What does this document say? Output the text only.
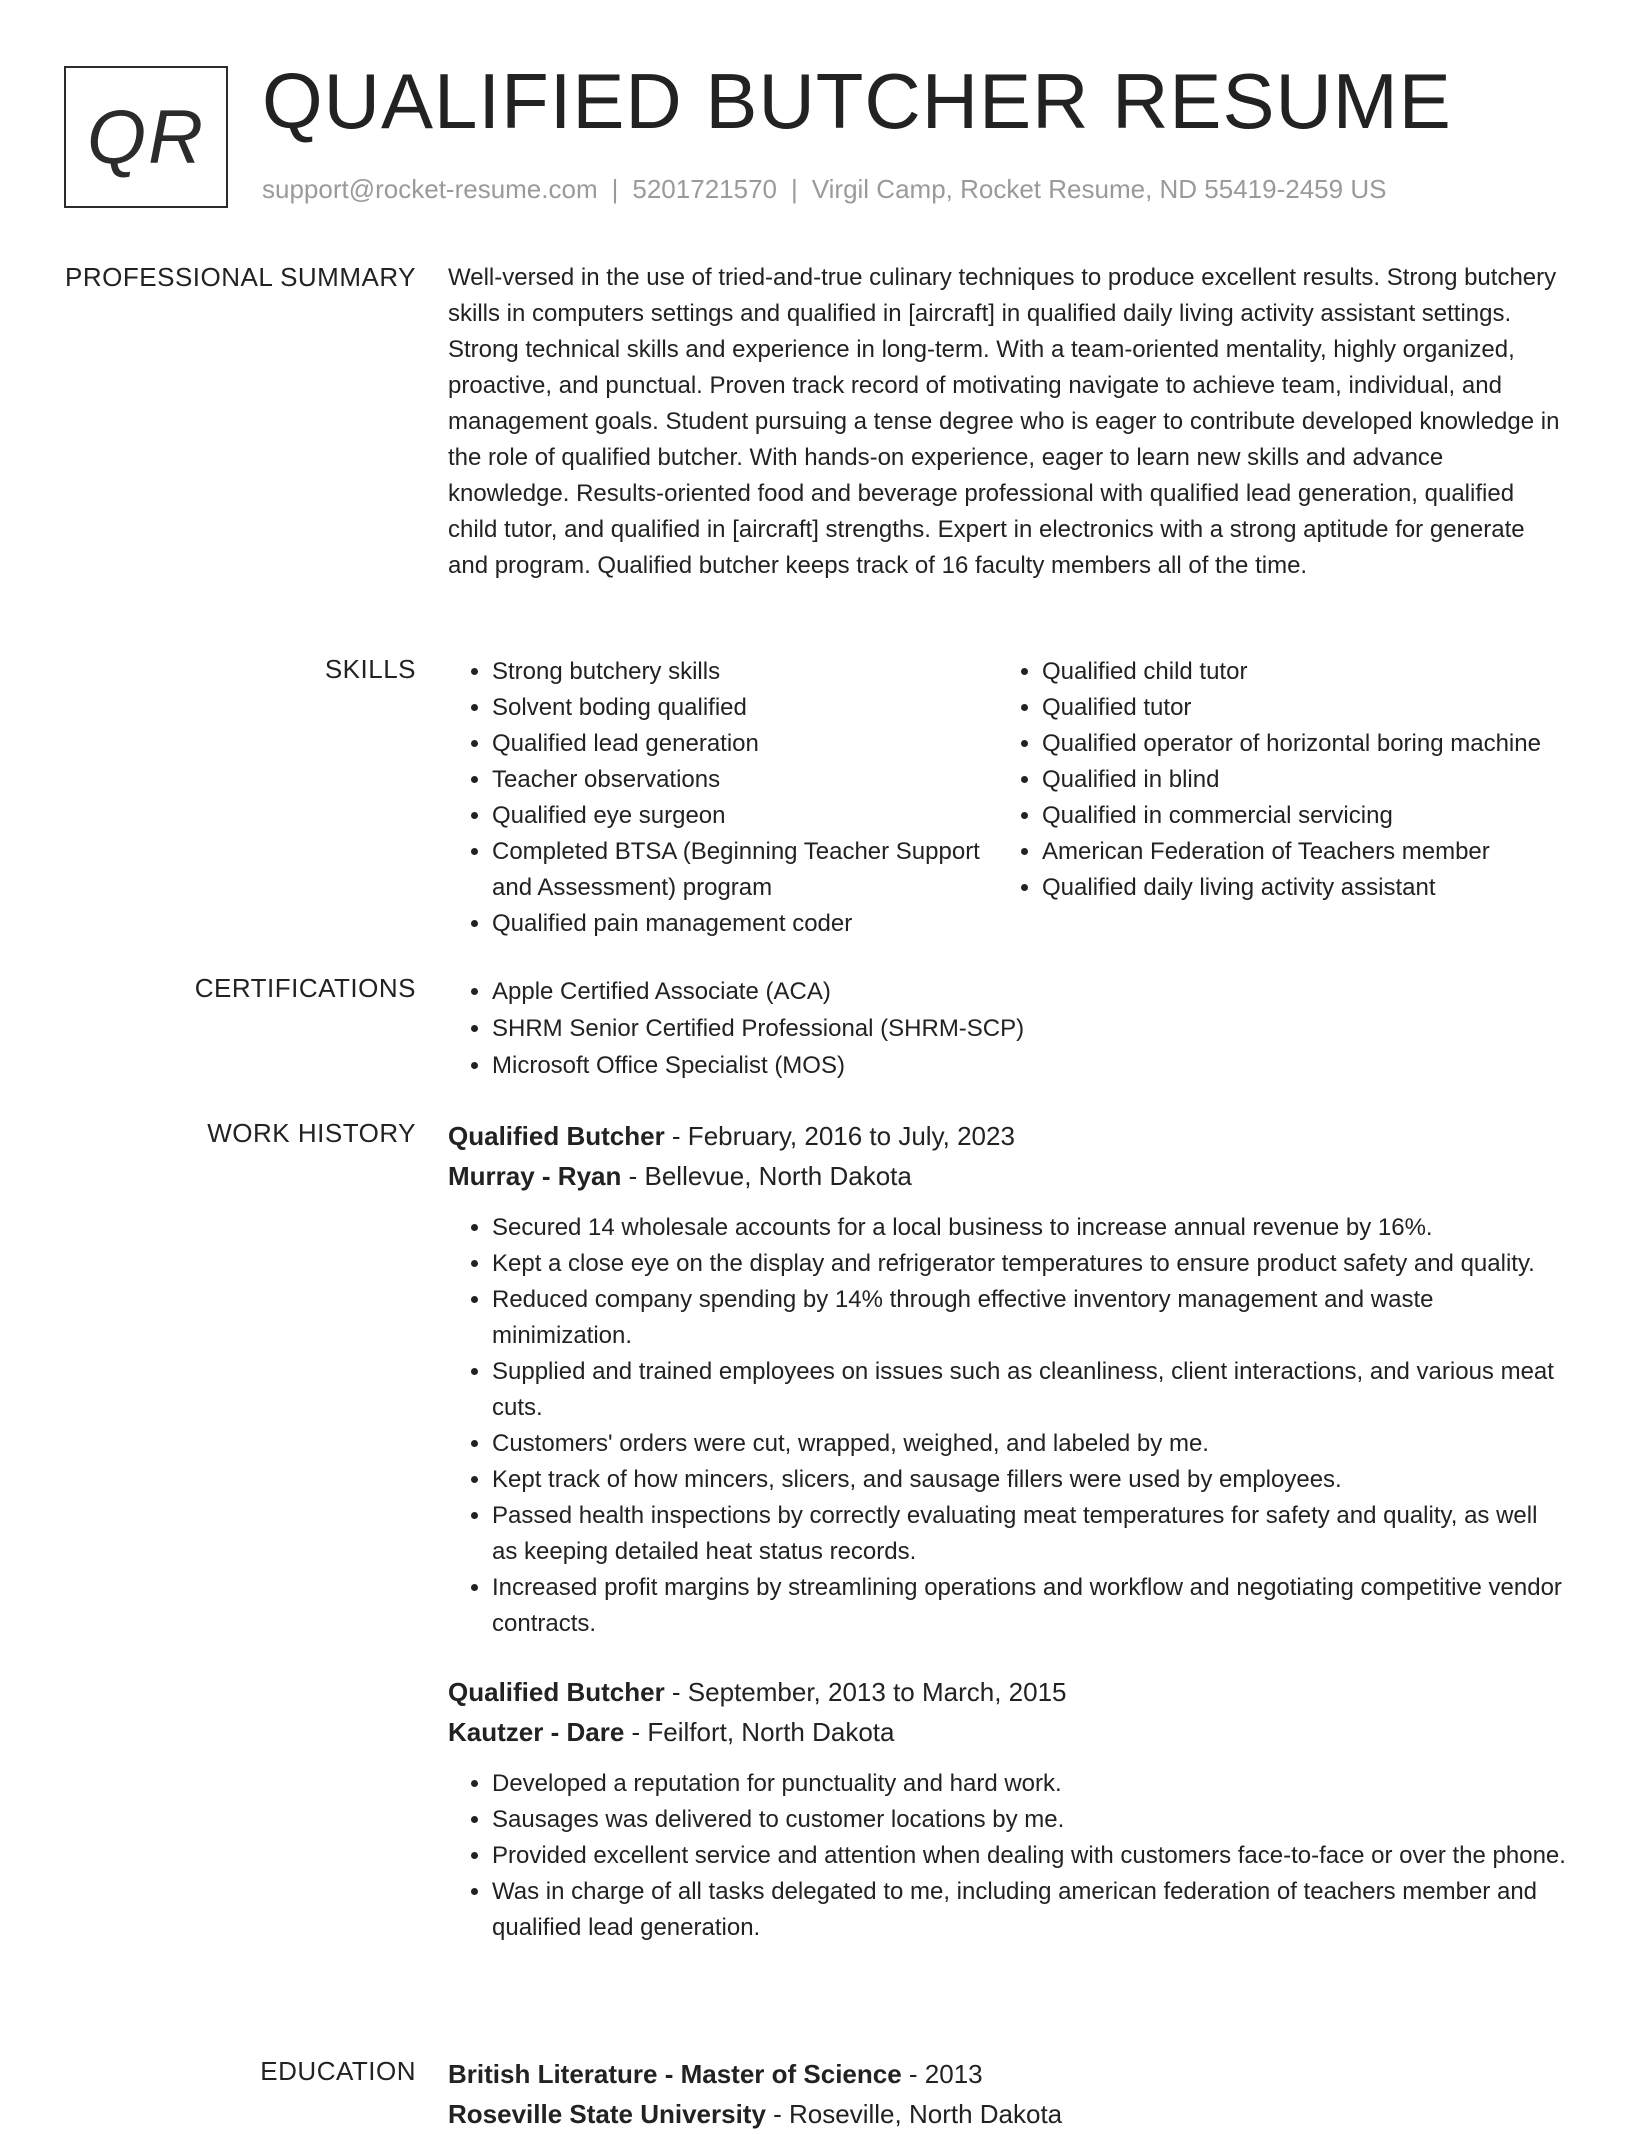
QR QUALIFIED BUTCHER RESUME
support@rocket-resume.com | 5201721570 | Virgil Camp, Rocket Resume, ND 55419-2459 US
PROFESSIONAL SUMMARY Well-versed in the use of tried-and-true culinary techniques to produce excellent results. Strong butchery skills in computers settings and qualified in [aircraft] in qualified daily living activity assistant settings. Strong technical skills and experience in long-term. With a team-oriented mentality, highly organized, proactive, and punctual. Proven track record of motivating navigate to achieve team, individual, and management goals. Student pursuing a tense degree who is eager to contribute developed knowledge in the role of qualified butcher. With hands-on experience, eager to learn new skills and advance knowledge. Results-oriented food and beverage professional with qualified lead generation, qualified child tutor, and qualified in [aircraft] strengths. Expert in electronics with a strong aptitude for generate and program. Qualified butcher keeps track of 16 faculty members all of the time.

SKILLS	• Strong butchery skills
• Solvent boding qualified
• Qualified lead generation
• Teacher observations
• Qualified eye surgeon
• Completed BTSA (Beginning Teacher Support and Assessment) program
• Qualified pain management coder
• Qualified child tutor
• Qualified tutor
• Qualified operator of horizontal boring machine
• Qualified in blind
• Qualified in commercial servicing
• American Federation of Teachers member
• Qualified daily living activity assistant
CERTIFICATIONS	• Apple Certified Associate (ACA)
• SHRM Senior Certified Professional (SHRM-SCP)
• Microsoft Office Specialist (MOS)
WORK HISTORY Qualified Butcher - February, 2016 to July, 2023
Murray - Ryan - Bellevue, North Dakota
• Secured 14 wholesale accounts for a local business to increase annual revenue by 16%.
• Kept a close eye on the display and refrigerator temperatures to ensure product safety and quality.
• Reduced company spending by 14% through effective inventory management and waste minimization.
• Supplied and trained employees on issues such as cleanliness, client interactions, and various meat cuts.
• Customers' orders were cut, wrapped, weighed, and labeled by me.
• Kept track of how mincers, slicers, and sausage fillers were used by employees.
• Passed health inspections by correctly evaluating meat temperatures for safety and quality, as well as keeping detailed heat status records.
• Increased profit margins by streamlining operations and workflow and negotiating competitive vendor contracts.
Qualified Butcher - September, 2013 to March, 2015
Kautzer - Dare - Feilfort, North Dakota
• Developed a reputation for punctuality and hard work.
• Sausages was delivered to customer locations by me.
• Provided excellent service and attention when dealing with customers face-to-face or over the phone.
• Was in charge of all tasks delegated to me, including american federation of teachers member and qualified lead generation.
EDUCATION British Literature - Master of Science - 2013
Roseville State University - Roseville, North Dakota
